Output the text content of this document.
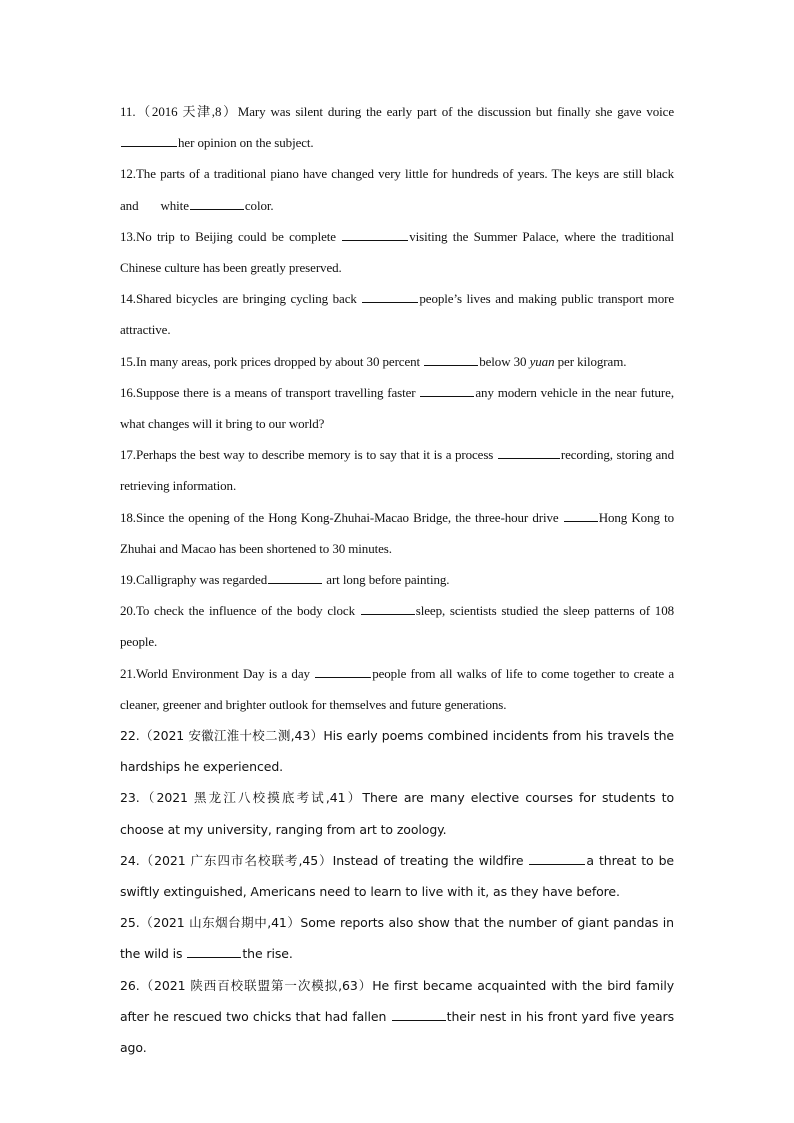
11.（2016 天津,8）Mary was silent during the early part of the discussion but finally she gave voice her opinion on the subject.

12.The parts of a traditional piano have changed very little for hundreds of years. The keys are still black and white	color.

13.No trip to Beijing could be complete	visiting the Summer Palace, where the traditional Chinese culture has been greatly preserved.

14.Shared bicycles are bringing cycling back	people’s lives and making public transport more attractive.

15.In many areas, pork prices dropped by about 30 percent	below 30 yuan per kilogram.

16.Suppose there is a means of transport travelling faster	any modern vehicle in the near future, what changes will it bring to our world?

17.Perhaps the best way to describe memory is to say that it is a process	recording, storing and retrieving information.

18.Since the opening of the Hong Kong-Zhuhai-Macao Bridge, the three-hour drive	Hong Kong to Zhuhai and Macao has been shortened to 30 minutes.

19.Calligraphy was regarded	art long before painting.

20.To check the influence of the body clock	sleep, scientists studied the sleep patterns of 108 people.

21.World Environment Day is a day	people from all walks of life to come together to create a cleaner, greener and brighter outlook for themselves and future generations.

22.（2021 安徽江淮十校二测,43）His early poems combined incidents from his travels the hardships he experienced.

23.（2021 黑龙江八校摸底考试,41）There are many elective courses for students to choose at my university, ranging from art to zoology.

24.（2021 广东四市名校联考,45）Instead of treating the wildfire	a threat to be swiftly extinguished, Americans need to learn to live with it, as they have before.

25.（2021 山东烟台期中,41）Some reports also show that the number of giant pandas in the wild is	the rise.

26.（2021 陕西百校联盟第一次模拟,63）He first became acquainted with the bird family after he rescued two chicks that had fallen	their nest in his front yard five years ago.
